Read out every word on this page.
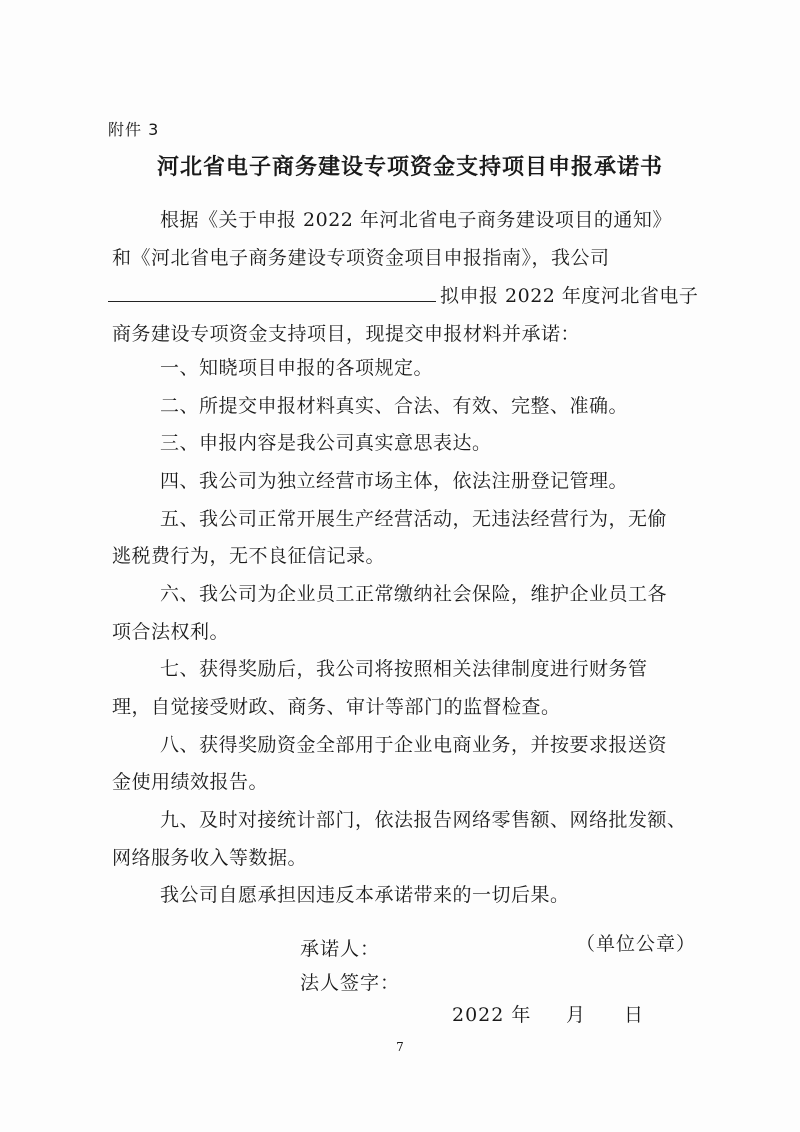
附件 3
河北省电子商务建设专项资金支持项目申报承诺书
根据《关于申报 2022 年河北省电子商务建设项目的通知》
和《河北省电子商务建设专项资金项目申报指南》，我公司
拟申报 2022 年度河北省电子
商务建设专项资金支持项目，现提交申报材料并承诺：
一、知晓项目申报的各项规定。
二、所提交申报材料真实、合法、有效、完整、准确。
三、申报内容是我公司真实意思表达。
四、我公司为独立经营市场主体，依法注册登记管理。
五、我公司正常开展生产经营活动，无违法经营行为，无偷
逃税费行为，无不良征信记录。
六、我公司为企业员工正常缴纳社会保险，维护企业员工各
项合法权利。
七、获得奖励后，我公司将按照相关法律制度进行财务管
理，自觉接受财政、商务、审计等部门的监督检查。
八、获得奖励资金全部用于企业电商业务，并按要求报送资
金使用绩效报告。
九、及时对接统计部门，依法报告网络零售额、网络批发额、
网络服务收入等数据。
我公司自愿承担因违反本承诺带来的一切后果。
承诺人：	（单位公章）
法人签字：
2022 年 月 日
7
